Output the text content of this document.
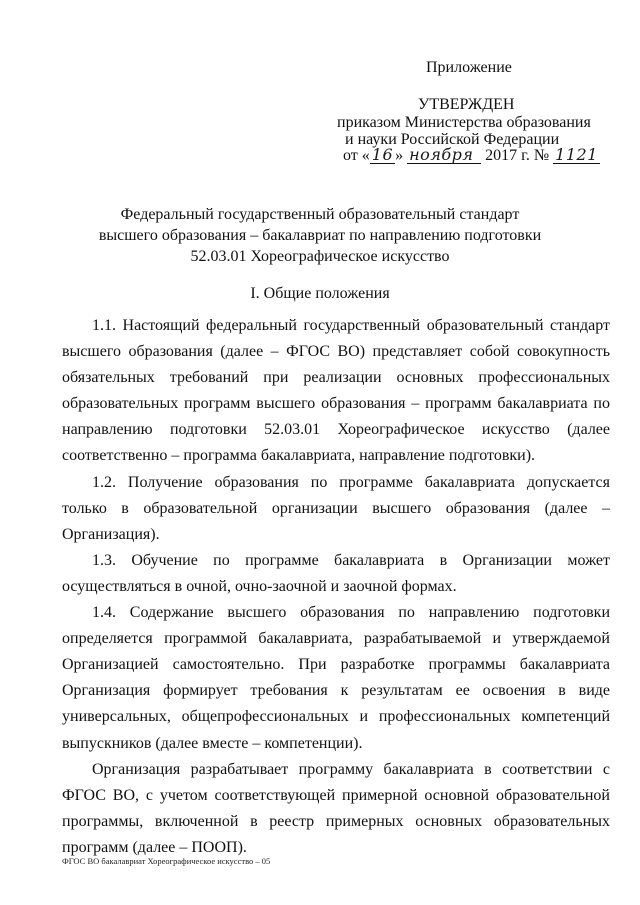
Приложение
УТВЕРЖДЕН
приказом Министерства образования
и науки Российской Федерации
от « 16 » ноября 2017 г. № 1121
Федеральный государственный образовательный стандарт
высшего образования – бакалавриат по направлению подготовки
52.03.01 Хореографическое искусство
I. Общие положения

1.1. Настоящий федеральный государственный образовательный стандарт высшего образования (далее – ФГОС ВО) представляет собой совокупность обязательных требований при реализации основных профессиональных образовательных программ высшего образования – программ бакалавриата по направлению подготовки 52.03.01 Хореографическое искусство (далее соответственно – программа бакалавриата, направление подготовки).

1.2. Получение образования по программе бакалавриата допускается только в образовательной организации высшего образования (далее – Организация).

1.3. Обучение по программе бакалавриата в Организации может осуществляться в очной, очно-заочной и заочной формах.

1.4. Содержание высшего образования по направлению подготовки определяется программой бакалавриата, разрабатываемой и утверждаемой Организацией самостоятельно. При разработке программы бакалавриата Организация формирует требования к результатам ее освоения в виде универсальных, общепрофессиональных и профессиональных компетенций выпускников (далее вместе – компетенции).

Организация разрабатывает программу бакалавриата в соответствии с ФГОС ВО, с учетом соответствующей примерной основной образовательной программы, включенной в реестр примерных основных образовательных программ (далее – ПООП).

ФГОС ВО бакалавриат Хореографическое искусство – 05
